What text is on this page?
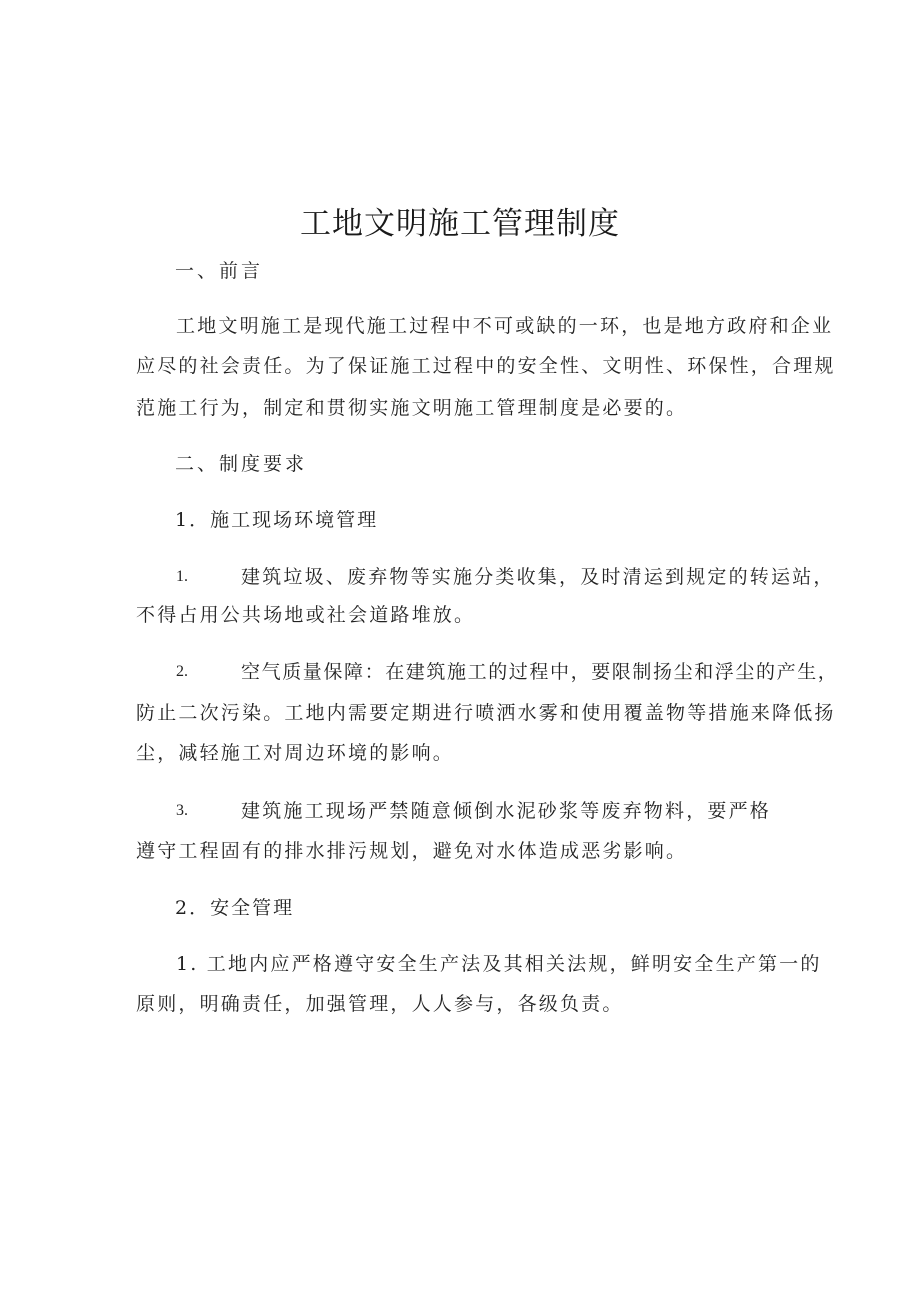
工地文明施工管理制度
一、前言
工地文明施工是现代施工过程中不可或缺的一环，也是地方政府和企业
应尽的社会责任。为了保证施工过程中的安全性、文明性、环保性，合理规
范施工行为，制定和贯彻实施文明施工管理制度是必要的。
二、制度要求
1．施工现场环境管理
1.	建筑垃圾、废弃物等实施分类收集，及时清运到规定的转运站，
不得占用公共场地或社会道路堆放。
2.	空气质量保障：在建筑施工的过程中，要限制扬尘和浮尘的产生，
防止二次污染。工地内需要定期进行喷洒水雾和使用覆盖物等措施来降低扬
尘，减轻施工对周边环境的影响。
3.	建筑施工现场严禁随意倾倒水泥砂浆等废弃物料，要严格
遵守工程固有的排水排污规划，避免对水体造成恶劣影响。
2．安全管理
1. 工地内应严格遵守安全生产法及其相关法规，鲜明安全生产第一的
原则，明确责任，加强管理，人人参与，各级负责。
